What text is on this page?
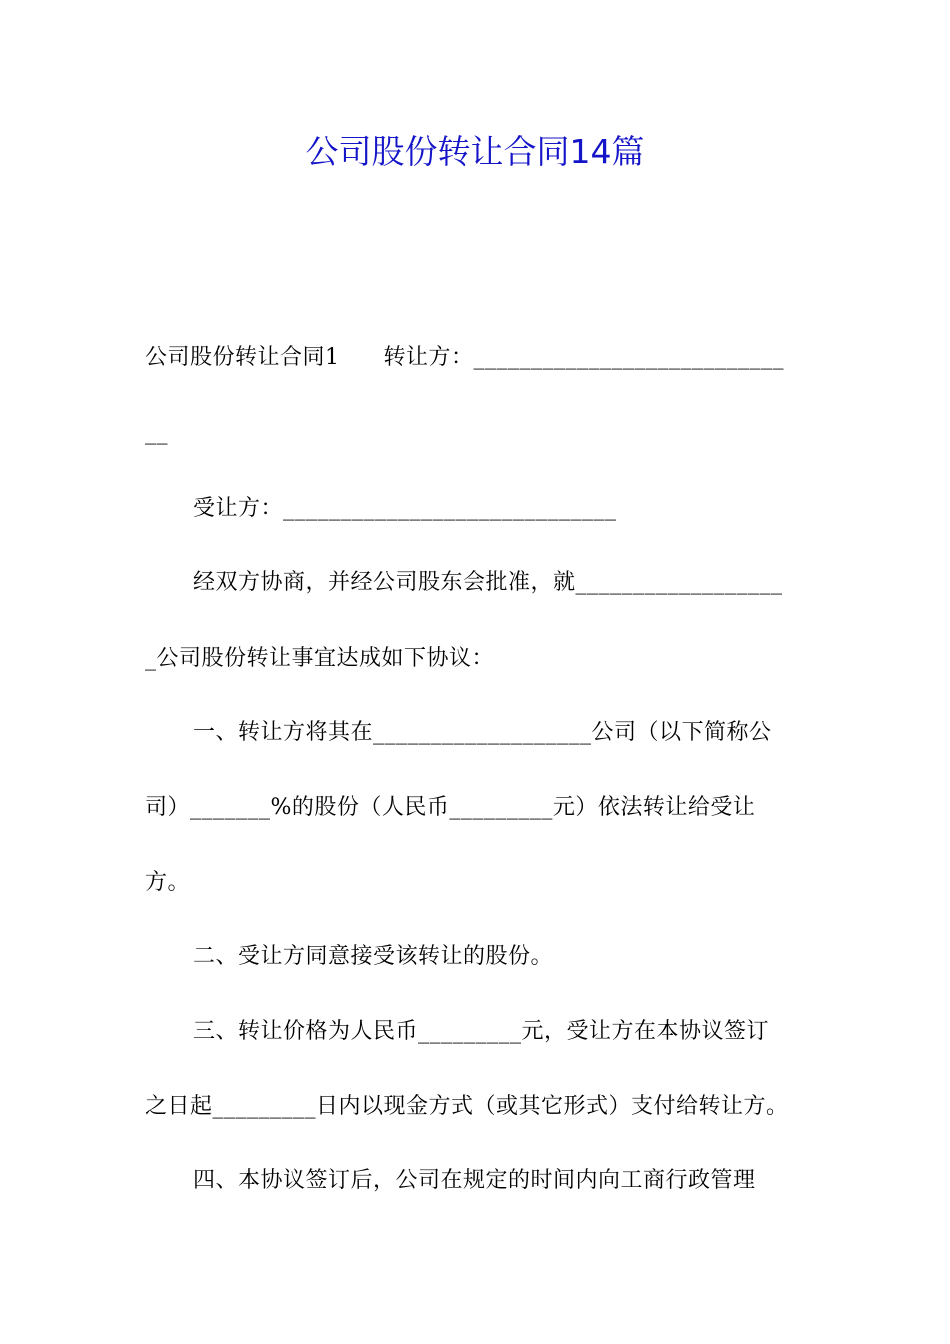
公司股份转让合同14篇
公司股份转让合同1 转让方：___________________________
__
受让方：_____________________________
经双方协商，并经公司股东会批准，就__________________
_公司股份转让事宜达成如下协议：
一、转让方将其在___________________公司（以下简称公
司）_______%的股份（人民币_________元）依法转让给受让
方。
二、受让方同意接受该转让的股份。
三、转让价格为人民币_________元，受让方在本协议签订
之日起_________日内以现金方式（或其它形式）支付给转让方。
四、本协议签订后，公司在规定的时间内向工商行政管理
